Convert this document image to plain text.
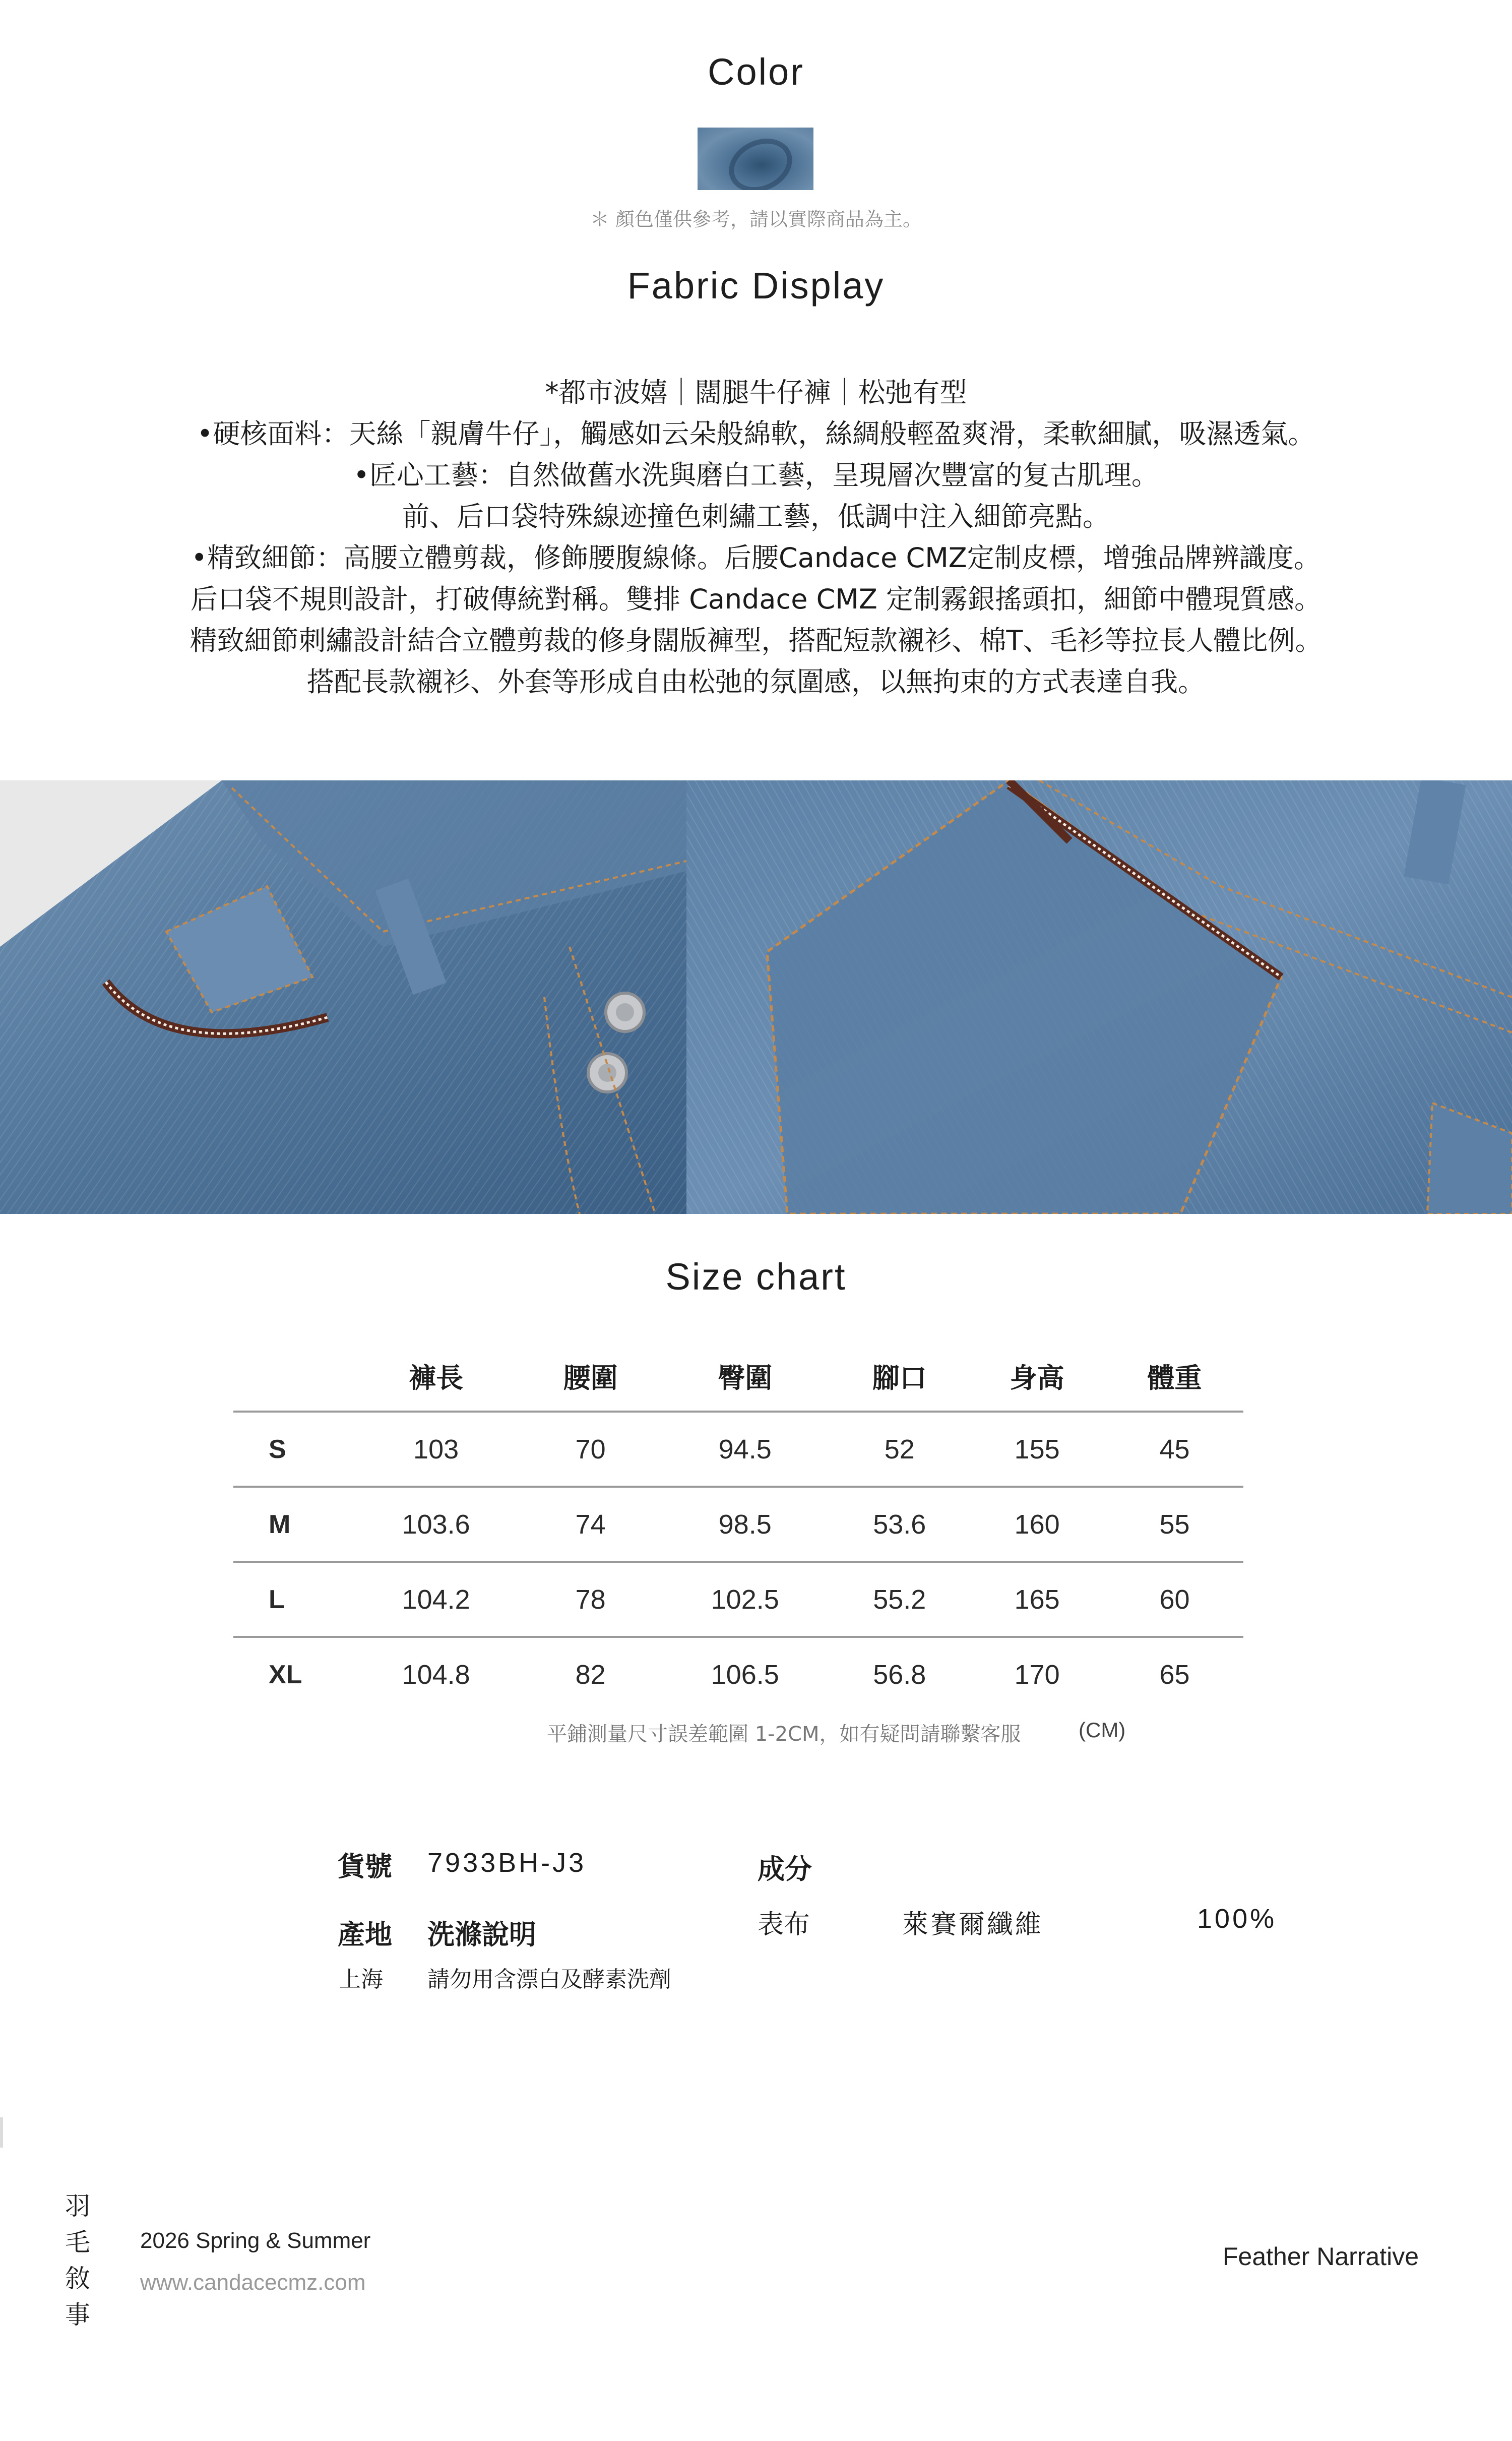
Color
＊ 顏色僅供參考，請以實際商品為主。
Fabric Display
*都市波嬉｜闊腿牛仔褲｜松弛有型
•硬核面料：天絲「親膚牛仔」，觸感如云朵般綿軟，絲綢般輕盈爽滑，柔軟細膩，吸濕透氣。
•匠心工藝：自然做舊水洗與磨白工藝，呈現層次豐富的复古肌理。
前、后口袋特殊線迹撞色刺繡工藝，低調中注入細節亮點。
•精致細節：高腰立體剪裁，修飾腰腹線條。后腰Candace CMZ定制皮標，增強品牌辨識度。
后口袋不規則設計，打破傳統對稱。雙排 Candace CMZ 定制霧銀搖頭扣，細節中體現質感。
精致細節刺繡設計結合立體剪裁的修身闊版褲型，搭配短款襯衫、棉T、毛衫等拉長人體比例。
搭配長款襯衫、外套等形成自由松弛的氛圍感，以無拘束的方式表達自我。
Size chart
	褲長	腰圍	臀圍	腳口	身高	體重
S	103	70	94.5	52	155	45
M	103.6	74	98.5	53.6	160	55
L	104.2	78	102.5	55.2	165	60
XL	104.8	82	106.5	56.8	170	65
平鋪測量尺寸誤差範圍 1-2CM，如有疑問請聯繫客服	(CM)
貨號 7933BH-J3
產地 洗滌說明
上海 請勿用含漂白及酵素洗劑
成分
表布	萊賽爾纖維	100%
羽
毛
敘
事
2026 Spring & Summer
www.candacecmz.com
Feather Narrative
